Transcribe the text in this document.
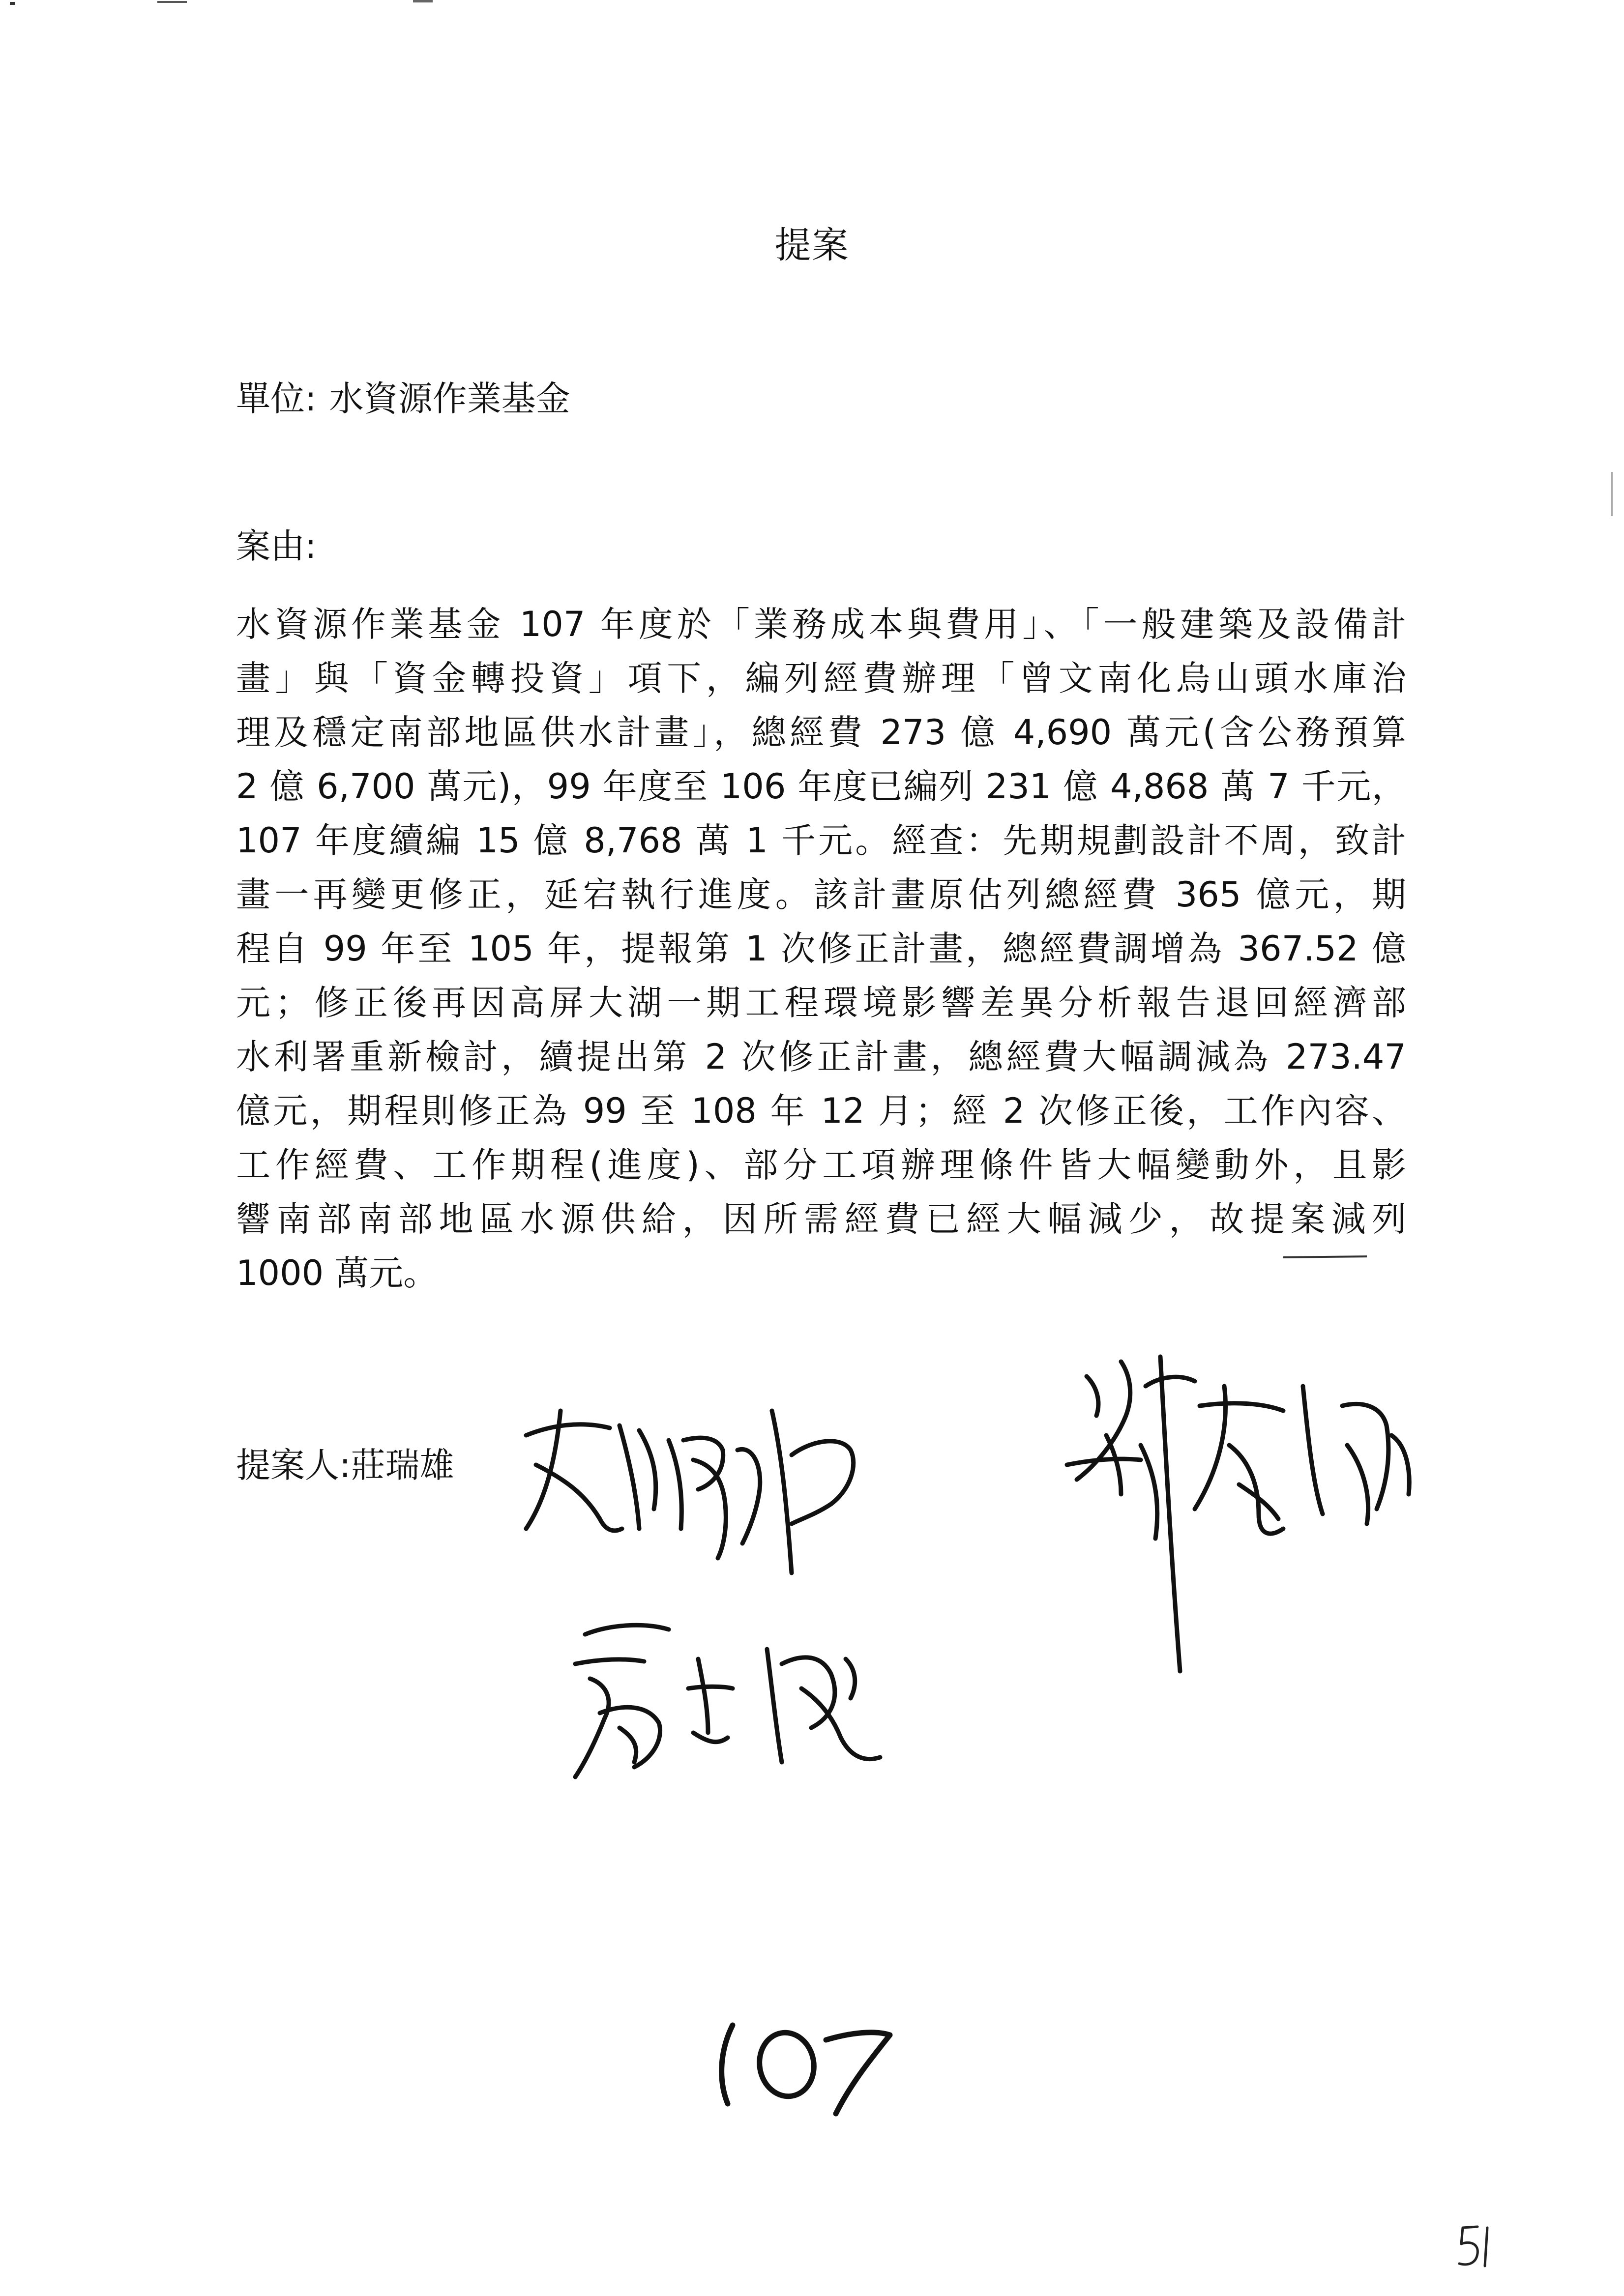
提案
單位: 水資源作業基金
案由:
水資源作業基金 107 年度於「業務成本與費用」、「一般建築及設備計
畫」與「資金轉投資」項下，編列經費辦理「曾文南化烏山頭水庫治
理及穩定南部地區供水計畫」，總經費 273 億 4,690 萬元(含公務預算
2 億 6,700 萬元)，99 年度至 106 年度已編列 231 億 4,868 萬 7 千元，
107 年度續編 15 億 8,768 萬 1 千元。經查：先期規劃設計不周，致計
畫一再變更修正，延宕執行進度。該計畫原估列總經費 365 億元，期
程自 99 年至 105 年，提報第 1 次修正計畫，總經費調增為 367.52 億
元；修正後再因高屏大湖一期工程環境影響差異分析報告退回經濟部
水利署重新檢討，續提出第 2 次修正計畫，總經費大幅調減為 273.47
億元，期程則修正為 99 至 108 年 12 月；經 2 次修正後，工作內容、
工作經費、工作期程(進度)、部分工項辦理條件皆大幅變動外，且影
響南部南部地區水源供給，因所需經費已經大幅減少，故提案減列
1000 萬元。
提案人:莊瑞雄
